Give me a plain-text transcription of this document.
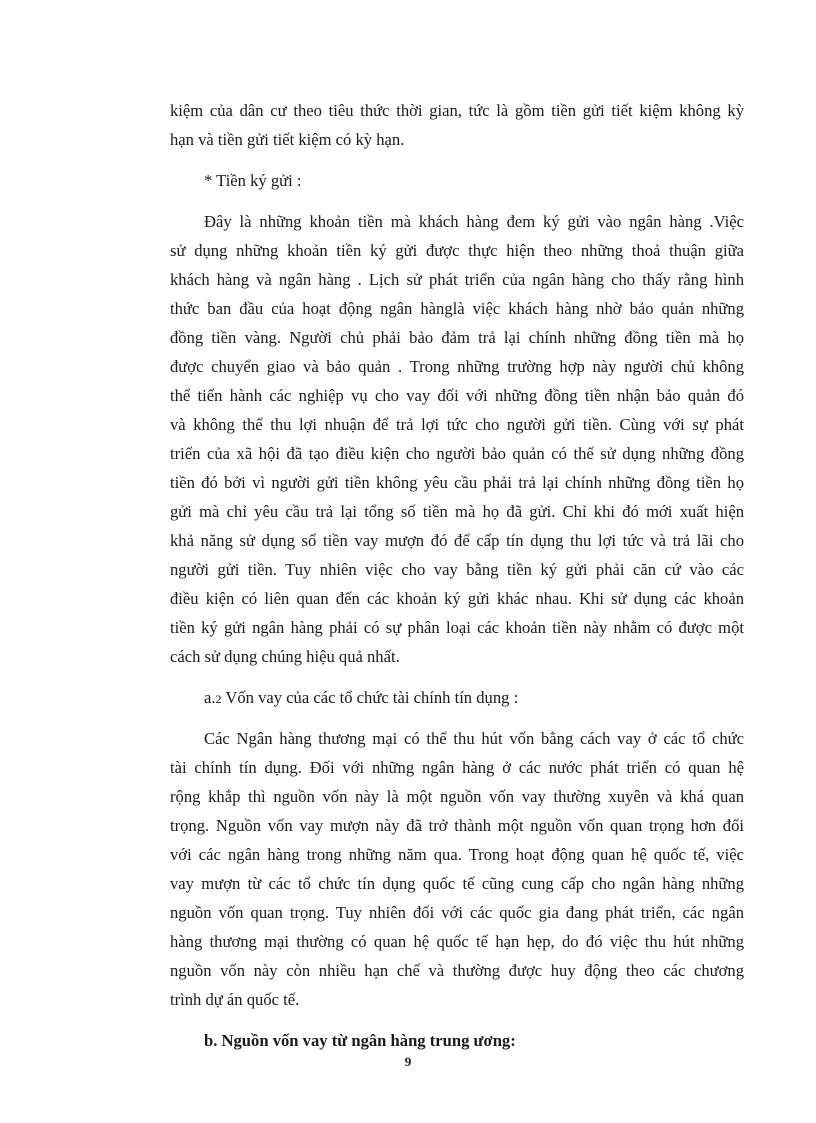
kiệm của dân cư theo tiêu thức thời gian, tức là gồm tiền gửi tiết kiệm không kỳ
hạn và tiền gửi tiết kiệm có kỳ hạn.
* Tiền ký gửi :
Đây là những khoản tiền mà khách hàng đem ký gửi vào ngân hàng .Việc
sử dụng những khoản tiền ký gửi được thực hiện theo những thoả thuận giữa
khách hàng và ngân hàng . Lịch sử phát triển của ngân hàng cho thấy rằng hình
thức ban đầu của hoạt động ngân hànglà việc khách hàng nhờ bảo quản những
đồng tiền vàng. Người chủ phải bảo đảm trả lại chính những đồng tiền mà họ
được chuyển giao và bảo quản . Trong những trường hợp này người chủ không
thể tiến hành các nghiệp vụ cho vay đối với những đồng tiền nhận bảo quản đó
và không thể thu lợi nhuận để trả lợi tức cho người gửi tiền. Cùng với sự phát
triển của xã hội đã tạo điều kiện cho người bảo quản có thể sử dụng những đồng
tiền đó bởi vì người gửi tiền không yêu cầu phải trả lại chính những đồng tiền họ
gửi mà chỉ yêu cầu trả lại tổng số tiền mà họ đã gửi. Chỉ khi đó mới xuất hiện
khả năng sử dụng số tiền vay mượn đó để cấp tín dụng thu lợi tức và trả lãi cho
người gửi tiền. Tuy nhiên việc cho vay bằng tiền ký gửi phải căn cứ vào các
điều kiện có liên quan đến các khoản ký gửi khác nhau. Khi sử dụng các khoản
tiền ký gửi ngân hàng phải có sự phân loại các khoản tiền này nhằm có được một
cách sử dụng chúng hiệu quả nhất.
a.2 Vốn vay của các tổ chức tài chính tín dụng :
Các Ngân hàng thương mại có thể thu hút vốn bằng cách vay ở các tổ chức
tài chính tín dụng. Đối với những ngân hàng ở các nước phát triển có quan hệ
rộng khắp thì nguồn vốn này là một nguồn vốn vay thường xuyên và khá quan
trọng. Nguồn vốn vay mượn này đã trở thành một nguồn vốn quan trọng hơn đối
với các ngân hàng trong những năm qua. Trong hoạt động quan hệ quốc tế, việc
vay mượn từ các tổ chức tín dụng quốc tế cũng cung cấp cho ngân hàng những
nguồn vốn quan trọng. Tuy nhiên đối với các quốc gia đang phát triển, các ngân
hàng thương mại thường có quan hệ quốc tế hạn hẹp, do đó việc thu hút những
nguồn vốn này còn nhiều hạn chế và thường được huy động theo các chương
trình dự án quốc tế.
b. Nguồn vốn vay từ ngân hàng trung ương:
9
